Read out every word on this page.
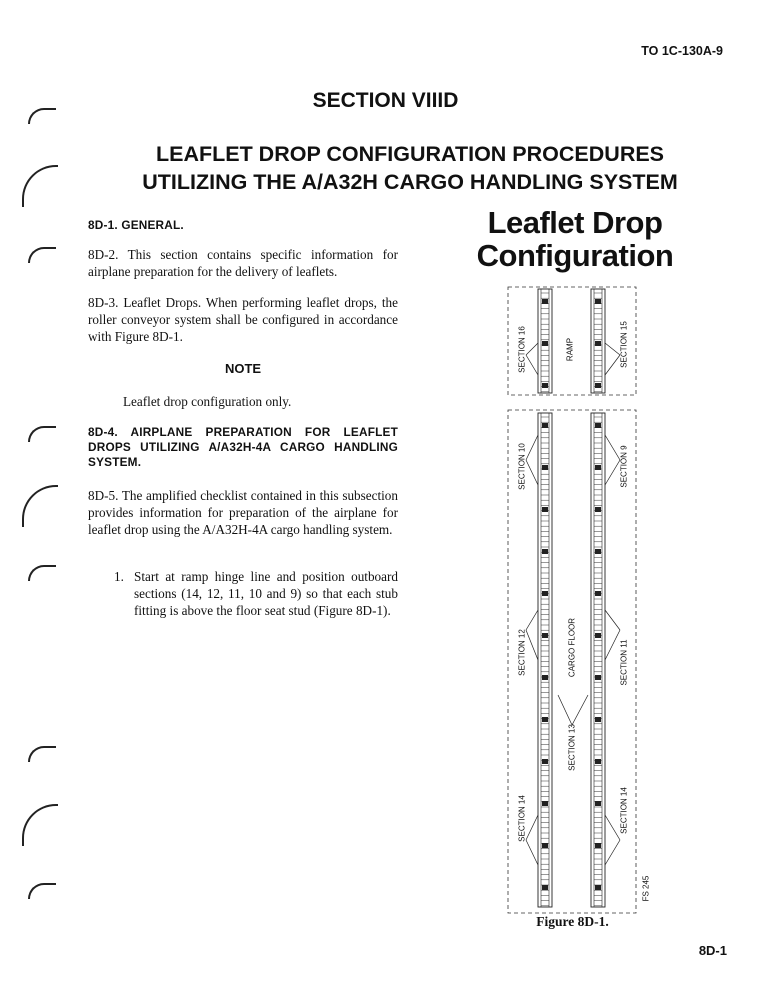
TO 1C-130A-9
SECTION VIIID
LEAFLET DROP CONFIGURATION PROCEDURES
UTILIZING THE A/A32H CARGO HANDLING SYSTEM
8D-1. GENERAL.
8D-2. This section contains specific information for airplane preparation for the delivery of leaflets.
8D-3. Leaflet Drops. When performing leaflet drops, the roller conveyor system shall be configured in accordance with Figure 8D-1.
NOTE
Leaflet drop configuration only.
8D-4. AIRPLANE PREPARATION FOR LEAFLET DROPS UTILIZING A/A32H-4A CARGO HANDLING SYSTEM.
8D-5. The amplified checklist contained in this subsection provides information for preparation of the airplane for leaflet drop using the A/A32H-4A cargo handling system.
1. Start at ramp hinge line and position outboard sections (14, 12, 11, 10 and 9) so that each stub fitting is above the floor seat stud (Figure 8D-1).
Leaflet Drop
Configuration
SECTION 16	RAMP	SECTION 15
SECTION 10	SECTION 9
SECTION 12	CARGO FLOOR	SECTION 11
SECTION 13
SECTION 14	SECTION 14
FS 245
Figure 8D-1.
8D-1
